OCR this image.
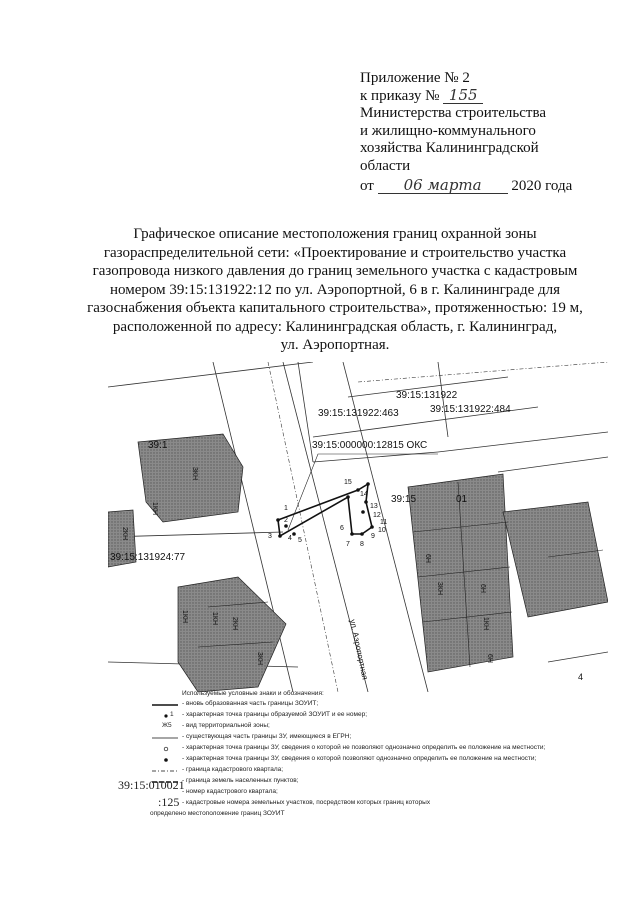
Приложение № 2
к приказу № 155
Министерства строительства
и жилищно-коммунального
хозяйства Калининградской
области
от 06 марта 2020 года
Графическое описание местоположения границ охранной зоны
газораспределительной сети: «Проектирование и строительство участка
газопровода низкого давления до границ земельного участка с кадастровым
номером 39:15:131922:12 по ул. Аэропортной, 6 в г. Калининграде для
газоснабжения объекта капитального строительства», протяженностью: 19 м,
расположенной по адресу: Калининградская область, г. Калининград,
ул. Аэропортная.
39:15:131922
39:15:131922:463	39:15:131922:484
39:15:000000:12815 ОКС
39:15:131924:77
39:1
39:15	01
ул. Аэропортная	4
3КН
1КН
2КН
1КН	1КН 2КН
3КН
6Н
3КН	6Н
1КН
6Н
1
2
3 4 5
6
7 8
9
10
11
12
13
14
15
Используемые условные знаки и обозначения:
- вновь образованная часть границы ЗОУИТ;
- характерная точка границы образуемой ЗОУИТ и ее номер;
1
Ж5 - вид территориальной зоны;
- существующая часть границы ЗУ, имеющиеся в ЕГРН;
- характерная точка границы ЗУ, сведения о которой не позволяют однозначно определить ее положение на местности;
- характерная точка границы ЗУ, сведения о которой позволяют однозначно определить ее положение на местности;
- граница кадастрового квартала;
- граница земель населенных пунктов;
- номер кадастрового квартала;
- кадастровые номера земельных участков, посредством которых границ которых
определено местоположение границ ЗОУИТ
39:15:010021
:125
